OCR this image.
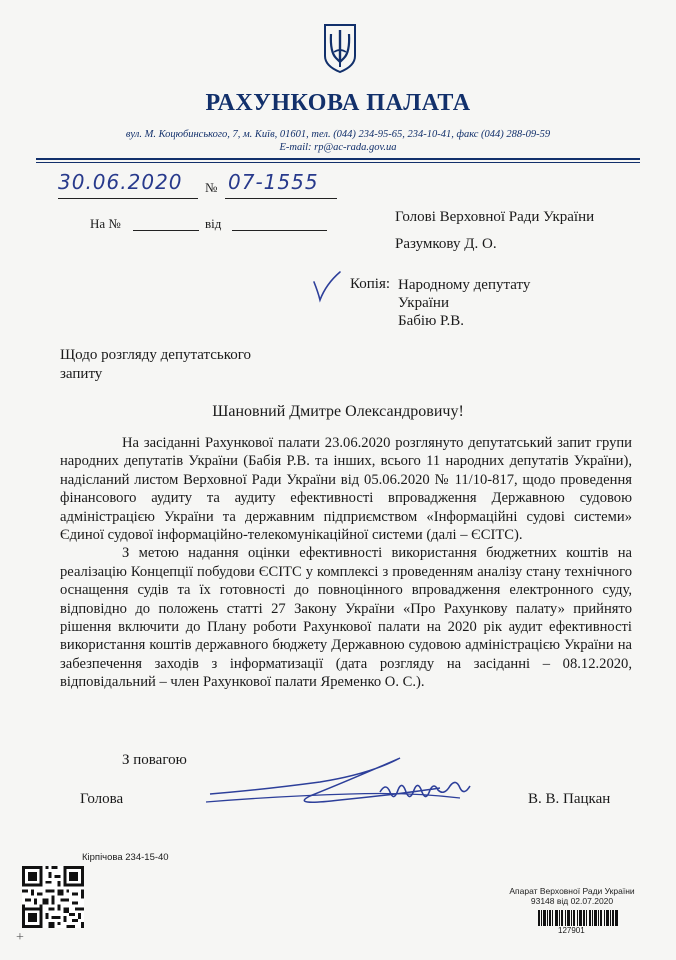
РАХУНКОВА ПАЛАТА
вул. М. Коцюбинського, 7, м. Київ, 01601, тел. (044) 234-95-65, 234-10-41, факс (044) 288-09-59
E-mail: rp@ac-rada.gov.ua
30.06.2020	№ 07-1555
На №	від	Голові Верховної Ради України
Разумкову Д. О.
Копія: Народному депутату
України
Бабію Р.В.
Щодо розгляду депутатського
запиту
Шановний Дмитре Олександровичу!

На засіданні Рахункової палати 23.06.2020 розглянуто депутатський запит групи народних депутатів України (Бабія Р.В. та інших, всього 11 народних депутатів України), надісланий листом Верховної Ради України від 05.06.2020 № 11/10-817, щодо проведення фінансового аудиту та аудиту ефективності впровадження Державною судовою адміністрацією України та державним підприємством «Інформаційні судові системи» Єдиної судової інформаційно-телекомунікаційної системи (далі – ЄСІТС).

З метою надання оцінки ефективності використання бюджетних коштів на реалізацію Концепції побудови ЄСІТС у комплексі з проведенням аналізу стану технічного оснащення судів та їх готовності до повноцінного впровадження електронного суду, відповідно до положень статті 27 Закону України «Про Рахункову палату» прийнято рішення включити до Плану роботи Рахункової палати на 2020 рік аудит ефективності використання коштів державного бюджету Державною судовою адміністрацією України на забезпечення заходів з інформатизації (дата розгляду на засіданні – 08.12.2020, відповідальний – член Рахункової палати Яременко О. С.).

З повагою
Голова	В. В. Пацкан
Кірпічова 234-15-40
Апарат Верховної Ради України
93148 від 02.07.2020
127901
+
